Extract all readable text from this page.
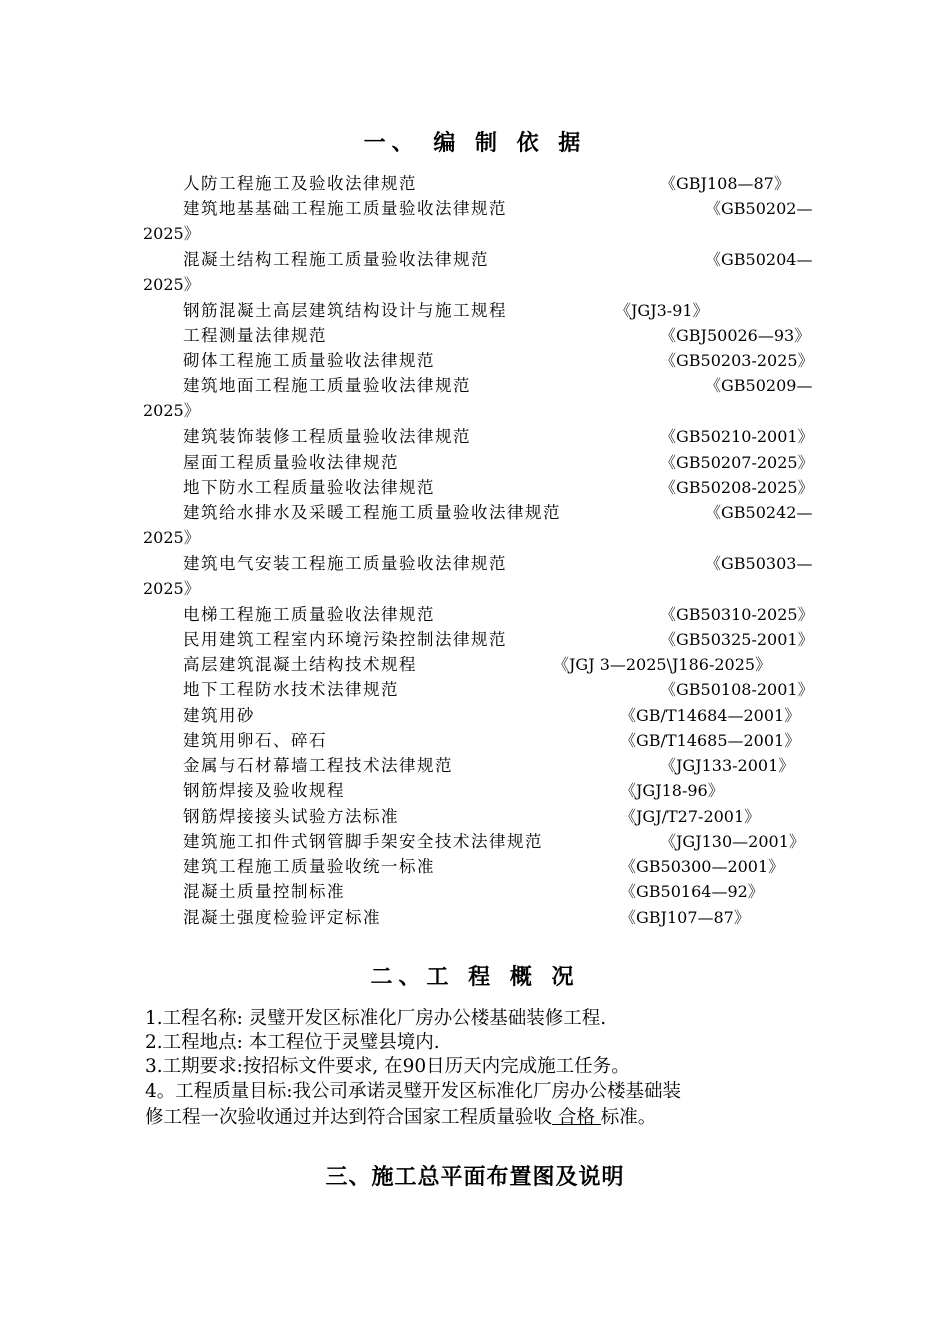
一、 编 制 依 据
人防工程施工及验收法律规范	《GBJ108—87》
建筑地基基础工程施工质量验收法律规范	《GB50202—
2025》
混凝土结构工程施工质量验收法律规范	《GB50204—
2025》
钢筋混凝土高层建筑结构设计与施工规程	《JGJ3-91》
工程测量法律规范	《GBJ50026—93》
砌体工程施工质量验收法律规范	《GB50203-2025》
建筑地面工程施工质量验收法律规范	《GB50209—
2025》
建筑装饰装修工程质量验收法律规范	《GB50210-2001》
屋面工程质量验收法律规范	《GB50207-2025》
地下防水工程质量验收法律规范	《GB50208-2025》
建筑给水排水及采暖工程施工质量验收法律规范	《GB50242—
2025》
建筑电气安装工程施工质量验收法律规范	《GB50303—
2025》
电梯工程施工质量验收法律规范	《GB50310-2025》
民用建筑工程室内环境污染控制法律规范	《GB50325-2001》
高层建筑混凝土结构技术规程	《JGJ 3—2025\J186-2025》
地下工程防水技术法律规范	《GB50108-2001》
建筑用砂	《GB/T14684—2001》
建筑用卵石、碎石	《GB/T14685—2001》
金属与石材幕墙工程技术法律规范	《JGJ133-2001》
钢筋焊接及验收规程	《JGJ18-96》
钢筋焊接接头试验方法标准	《JGJ/T27-2001》
建筑施工扣件式钢管脚手架安全技术法律规范	《JGJ130—2001》
建筑工程施工质量验收统一标准	《GB50300—2001》
混凝土质量控制标准	《GB50164—92》
混凝土强度检验评定标准	《GBJ107—87》
二、工 程 概 况
1.工程名称: 灵璧开发区标准化厂房办公楼基础装修工程.
2.工程地点: 本工程位于灵璧县境内.
3.工期要求:按招标文件要求, 在90日历天内完成施工任务。
4。工程质量目标:我公司承诺灵璧开发区标准化厂房办公楼基础装
修工程一次验收通过并达到符合国家工程质量验收 合格 标准。
三、施工总平面布置图及说明
